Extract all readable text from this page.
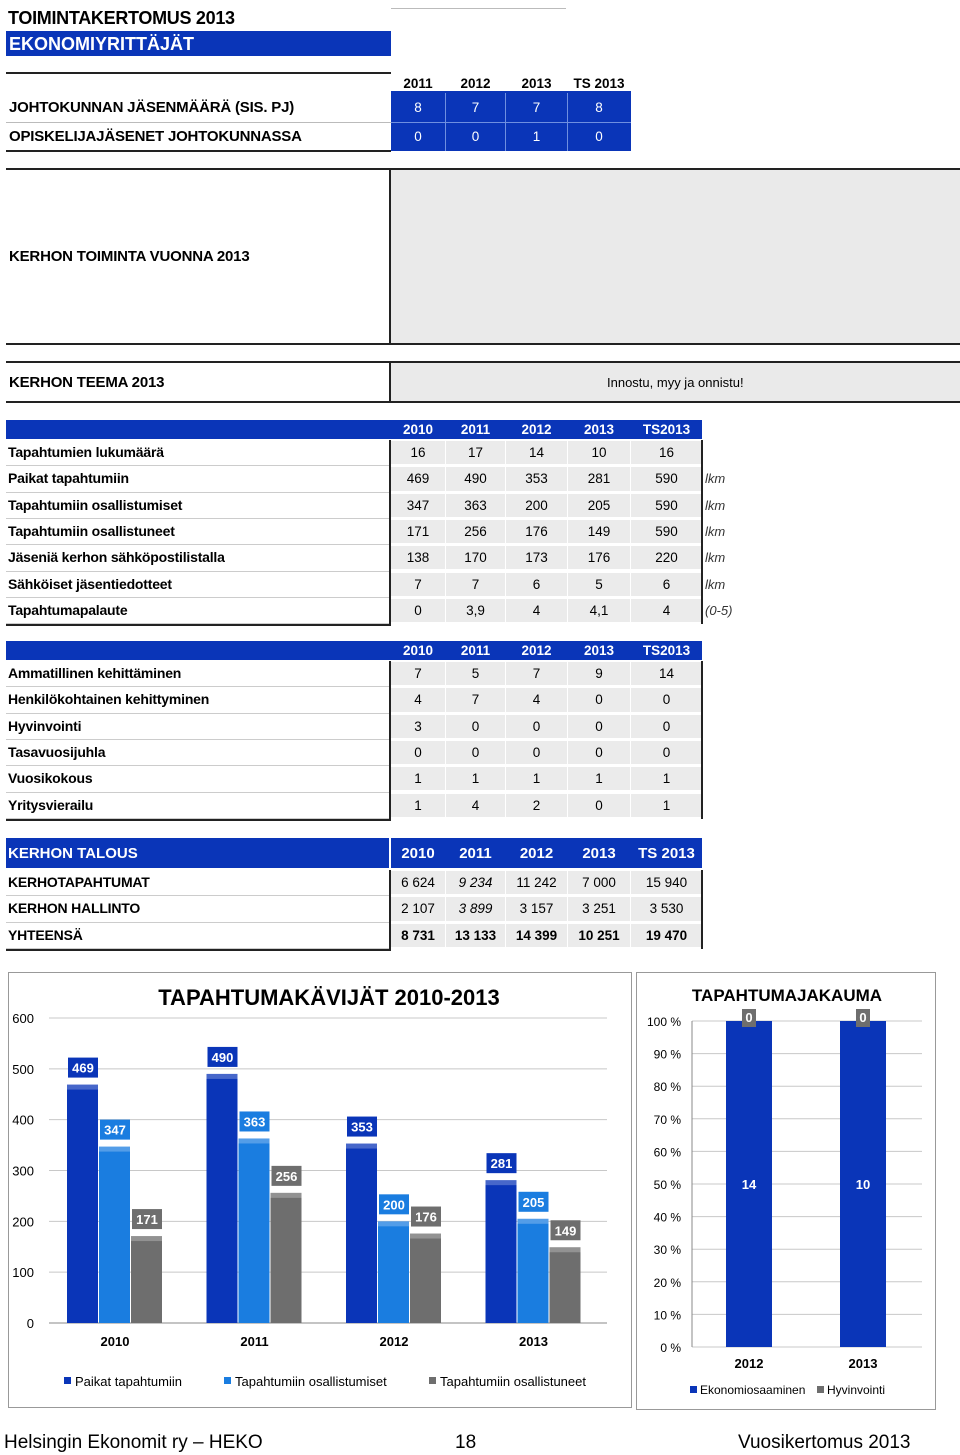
TOIMINTAKERTOMUS 2013
EKONOMIYRITTÄJÄT
2011	2012	2013	TS 2013
JOHTOKUNNAN JÄSENMÄÄRÄ (SIS. PJ)	8	7	7	8
OPISKELIJAJÄSENET JOHTOKUNNASSA	0	0	1	0
KERHON TOIMINTA VUONNA 2013
KERHON TEEMA 2013	Innostu, myy ja onnistu!
2010	2011	2012	2013	TS2013
Tapahtumien lukumäärä	16	17	14	10	16
Paikat tapahtumiin	469	490	353	281	590	lkm
Tapahtumiin osallistumiset	347	363	200	205	590	lkm
Tapahtumiin osallistuneet	171	256	176	149	590	lkm
Jäseniä kerhon sähköpostilistalla	138	170	173	176	220	lkm
Sähköiset jäsentiedotteet	7	7	6	5	6	lkm
Tapahtumapalaute	0	3,9	4	4,1	4	(0-5)
2010	2011	2012	2013	TS2013
Ammatillinen kehittäminen	7	5	7	9	14
Henkilökohtainen kehittyminen	4	7	4	0	0
Hyvinvointi	3	0	0	0	0
Tasavuosijuhla	0	0	0	0	0
Vuosikokous	1	1	1	1	1
Yritysvierailu	1	4	2	0	1
KERHON TALOUS	2010	2011	2012	2013	TS 2013
KERHOTAPAHTUMAT	6 624	9 234	11 242	7 000	15 940
KERHON HALLINTO	2 107	3 899	3 157	3 251	3 530
YHTEENSÄ	8 731	13 133	14 399	10 251	19 470
TAPAHTUMAKÄVIJÄT 2010-2013
0
100
200
300
400
500
600
469
347
171
2010
490
363
256
2011
353
200
176
2012
281
205
149
2013
Paikat tapahtumiin	Tapahtumiin osallistumiset	Tapahtumiin osallistuneet
TAPAHTUMAJAKAUMA
0 %
10 %
20 %
30 %
40 %
50 %
60 %
70 %
80 %
90 %
100 %
14
0
2012
10
0
2013
Ekonomiosaaminen Hyvinvointi
Helsingin Ekonomit ry – HEKO	18	Vuosikertomus 2013
